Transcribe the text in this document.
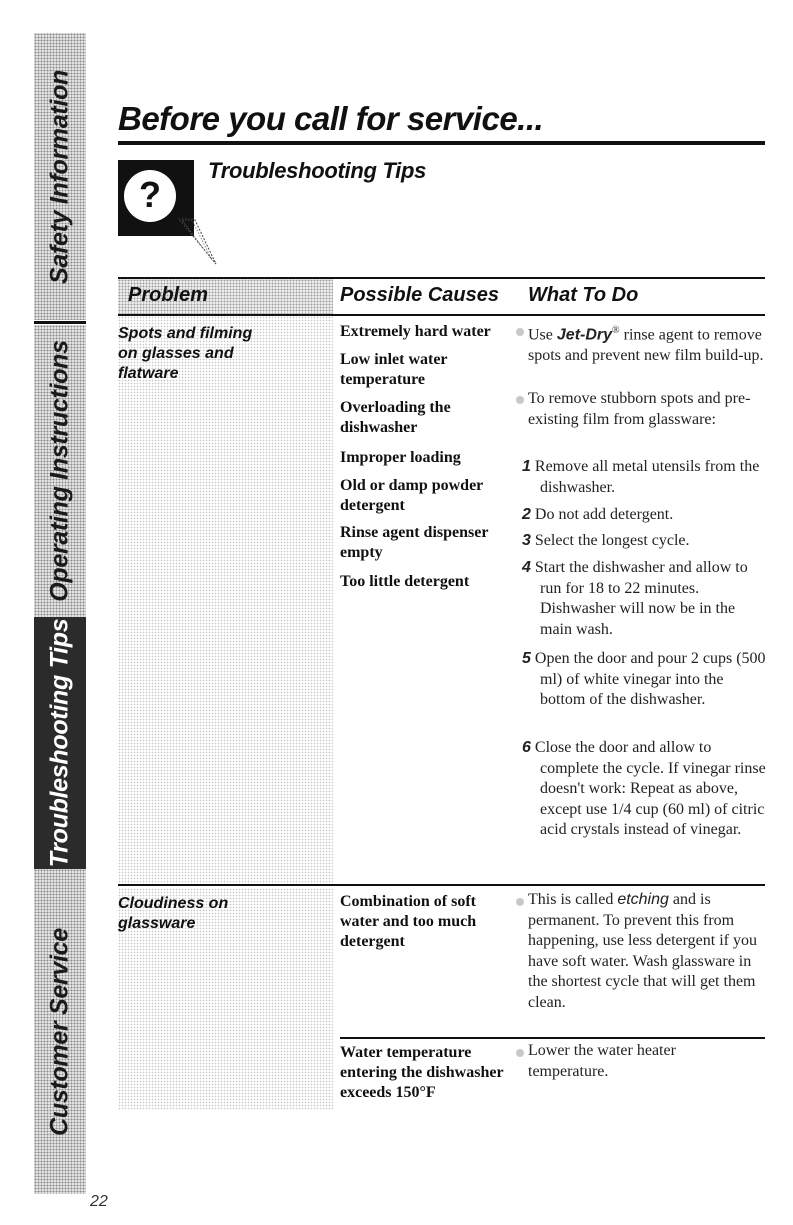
Safety Information
Operating Instructions
Troubleshooting Tips
Customer Service
Before you call for service...
?
Troubleshooting Tips
Problem	Possible Causes What To Do

Spots and filming on glasses and flatware

Extremely hard water

Low inlet water temperature

Overloading the dishwasher

Improper loading

Old or damp powder detergent

Rinse agent dispenser empty

Too little detergent

Use Jet-Dry® rinse agent to remove spots and prevent new film build-up.

To remove stubborn spots and pre-existing film from glassware:

1 Remove all metal utensils from the dishwasher.

2 Do not add detergent.

3 Select the longest cycle.

4 Start the dishwasher and allow to run for 18 to 22 minutes. Dishwasher will now be in the main wash.

5 Open the door and pour 2 cups (500 ml) of white vinegar into the bottom of the dishwasher.

6 Close the door and allow to complete the cycle. If vinegar rinse doesn't work: Repeat as above, except use 1/4 cup (60 ml) of citric acid crystals instead of vinegar.

Cloudiness on glassware

Combination of soft water and too much detergent

This is called etching and is permanent. To prevent this from happening, use less detergent if you have soft water. Wash glassware in the shortest cycle that will get them clean.

Water temperature entering the dishwasher exceeds 150°F

Lower the water heater temperature.

22
